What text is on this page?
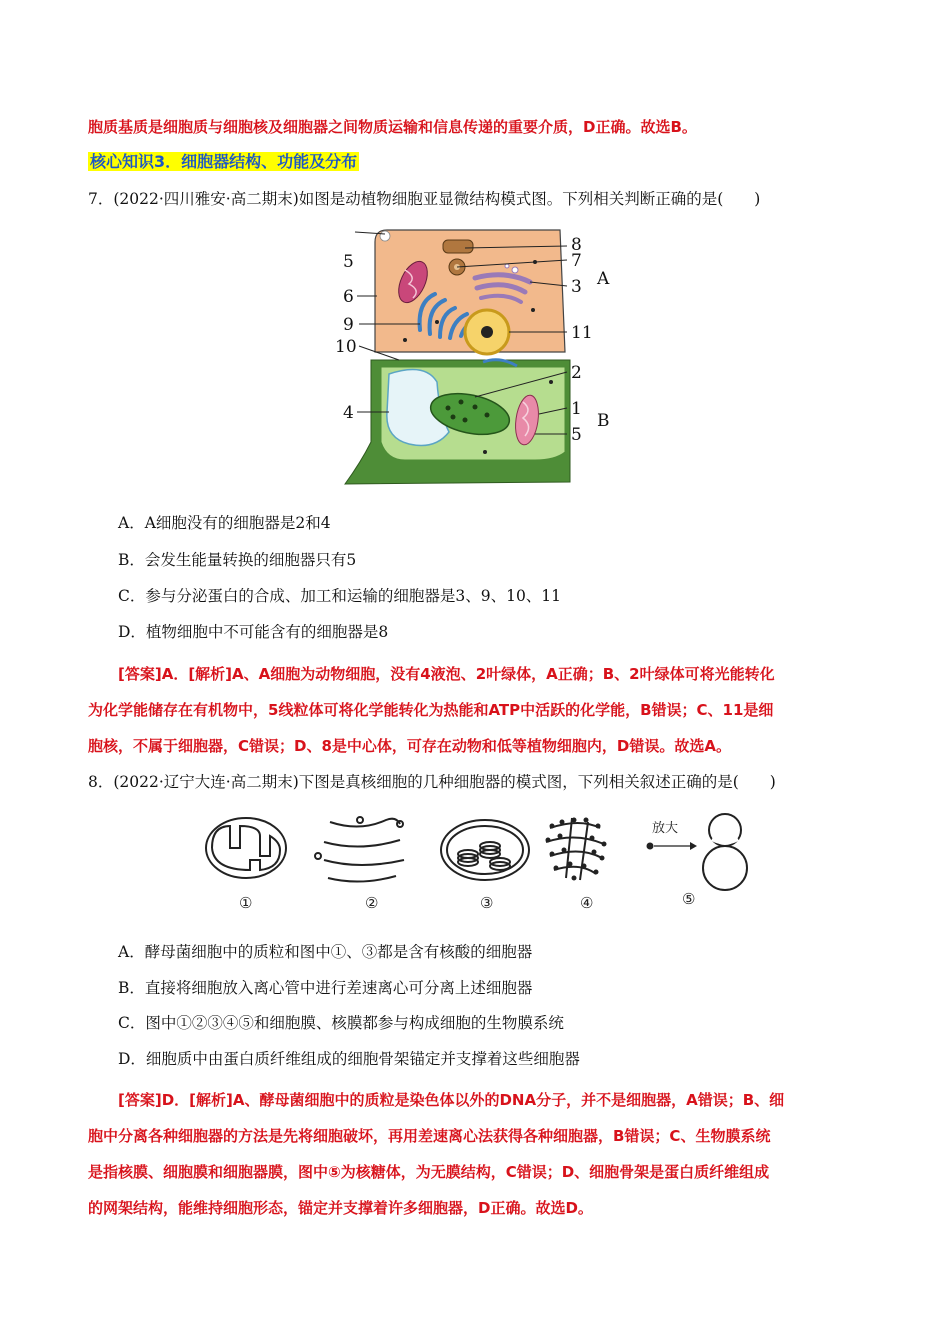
胞质基质是细胞质与细胞核及细胞器之间物质运输和信息传递的重要介质，D正确。故选B。
核心知识3．细胞器结构、功能及分布
7．(2022·四川雅安·高二期末)如图是动植物细胞亚显微结构模式图。下列相关判断正确的是(　　)
5
6
9
10
4
8
7
3
11
2
1
5
A
B
A．A细胞没有的细胞器是2和4
B．会发生能量转换的细胞器只有5
C．参与分泌蛋白的合成、加工和运输的细胞器是3、9、10、11
D．植物细胞中不可能含有的细胞器是8
[答案]A．[解析]A、A细胞为动物细胞，没有4液泡、2叶绿体，A正确；B、2叶绿体可将光能转化
为化学能储存在有机物中，5线粒体可将化学能转化为热能和ATP中活跃的化学能，B错误；C、11是细
胞核，不属于细胞器，C错误；D、8是中心体，可存在动物和低等植物细胞内，D错误。故选A。
8．(2022·辽宁大连·高二期末)下图是真核细胞的几种细胞器的模式图，下列相关叙述正确的是(　　)
放大
①	②	③	④	⑤
A．酵母菌细胞中的质粒和图中①、③都是含有核酸的细胞器
B．直接将细胞放入离心管中进行差速离心可分离上述细胞器
C．图中①②③④⑤和细胞膜、核膜都参与构成细胞的生物膜系统
D．细胞质中由蛋白质纤维组成的细胞骨架锚定并支撑着这些细胞器
[答案]D．[解析]A、酵母菌细胞中的质粒是染色体以外的DNA分子，并不是细胞器，A错误；B、细
胞中分离各种细胞器的方法是先将细胞破坏，再用差速离心法获得各种细胞器，B错误；C、生物膜系统
是指核膜、细胞膜和细胞器膜，图中⑤为核糖体，为无膜结构，C错误；D、细胞骨架是蛋白质纤维组成
的网架结构，能维持细胞形态，锚定并支撑着许多细胞器，D正确。故选D。
